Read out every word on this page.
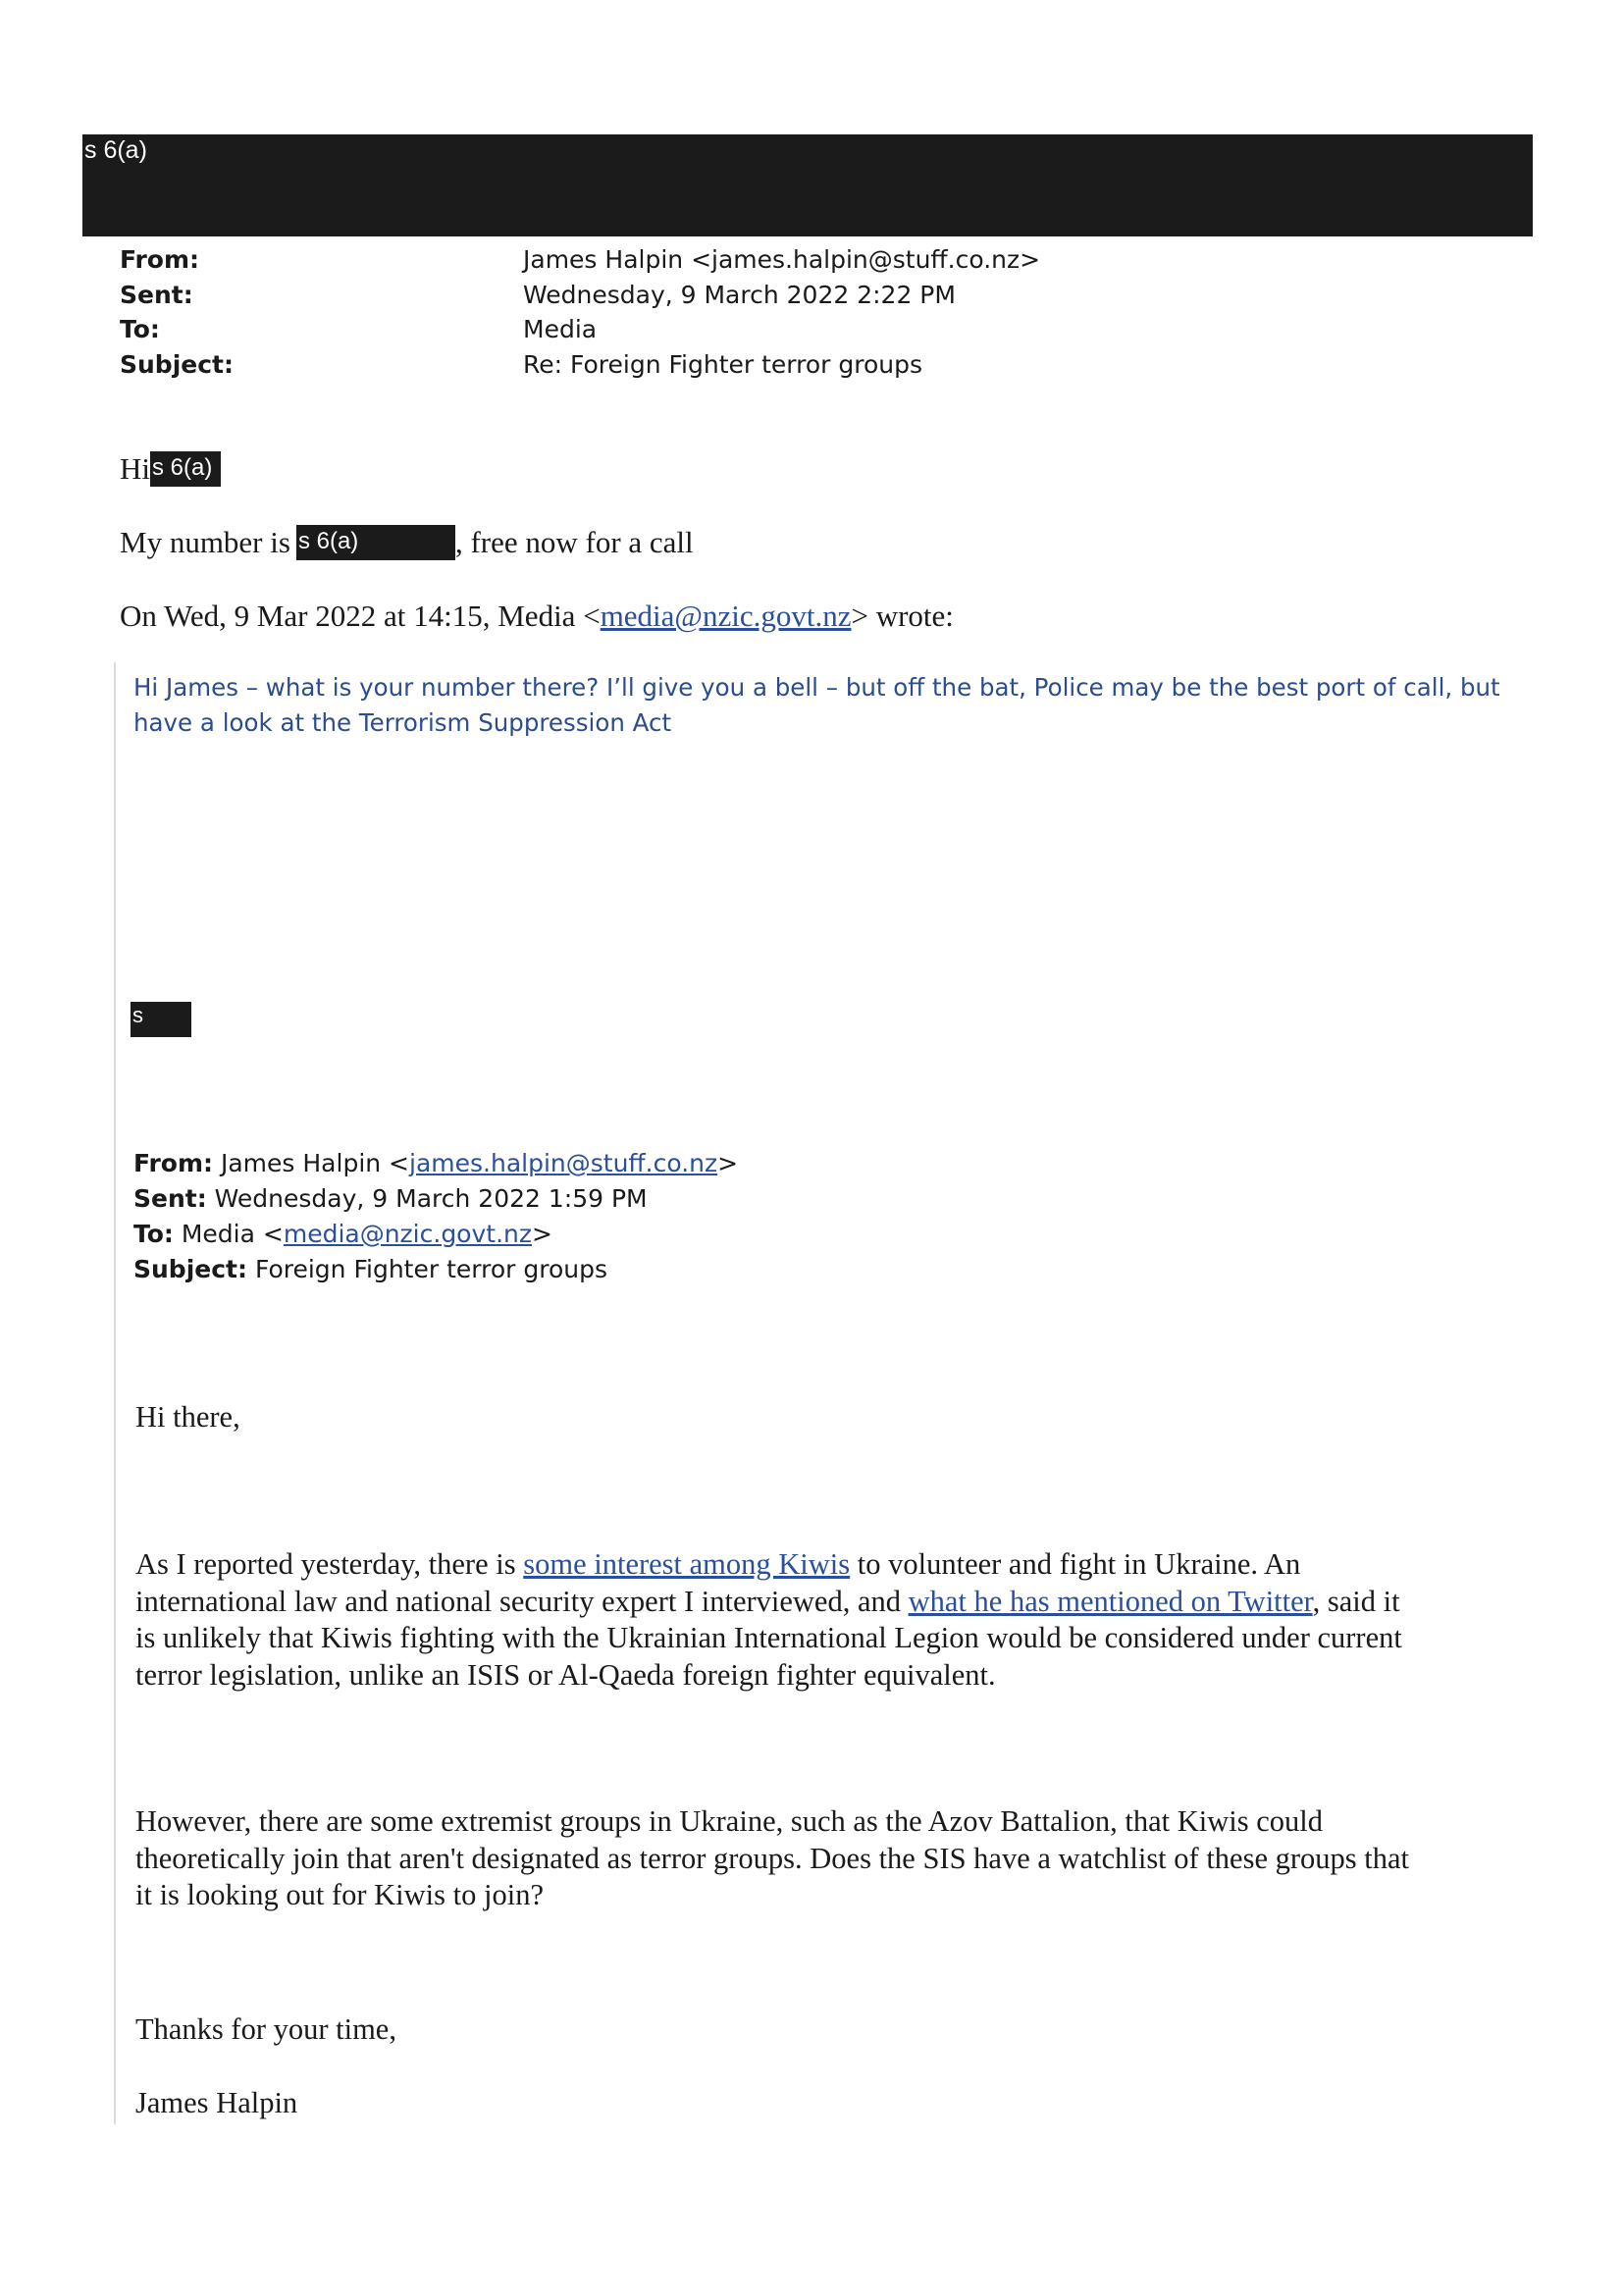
s 6(a)
From:	James Halpin <james.halpin@stuff.co.nz>
Sent:	Wednesday, 9 March 2022 2:22 PM
To:	Media
Subject:	Re: Foreign Fighter terror groups
His 6(a)
My number is s 6(a)	, free now for a call
On Wed, 9 Mar 2022 at 14:15, Media <media@nzic.govt.nz> wrote:
Hi James – what is your number there? I’ll give you a bell – but off the bat, Police may be the best port of call, but
have a look at the Terrorism Suppression Act
s
From: James Halpin <james.halpin@stuff.co.nz>
Sent: Wednesday, 9 March 2022 1:59 PM
To: Media <media@nzic.govt.nz>
Subject: Foreign Fighter terror groups
Hi there,
As I reported yesterday, there is some interest among Kiwis to volunteer and fight in Ukraine. An
international law and national security expert I interviewed, and what he has mentioned on Twitter, said it
is unlikely that Kiwis fighting with the Ukrainian International Legion would be considered under current
terror legislation, unlike an ISIS or Al-Qaeda foreign fighter equivalent.
However, there are some extremist groups in Ukraine, such as the Azov Battalion, that Kiwis could
theoretically join that aren't designated as terror groups. Does the SIS have a watchlist of these groups that
it is looking out for Kiwis to join?
Thanks for your time,
James Halpin
